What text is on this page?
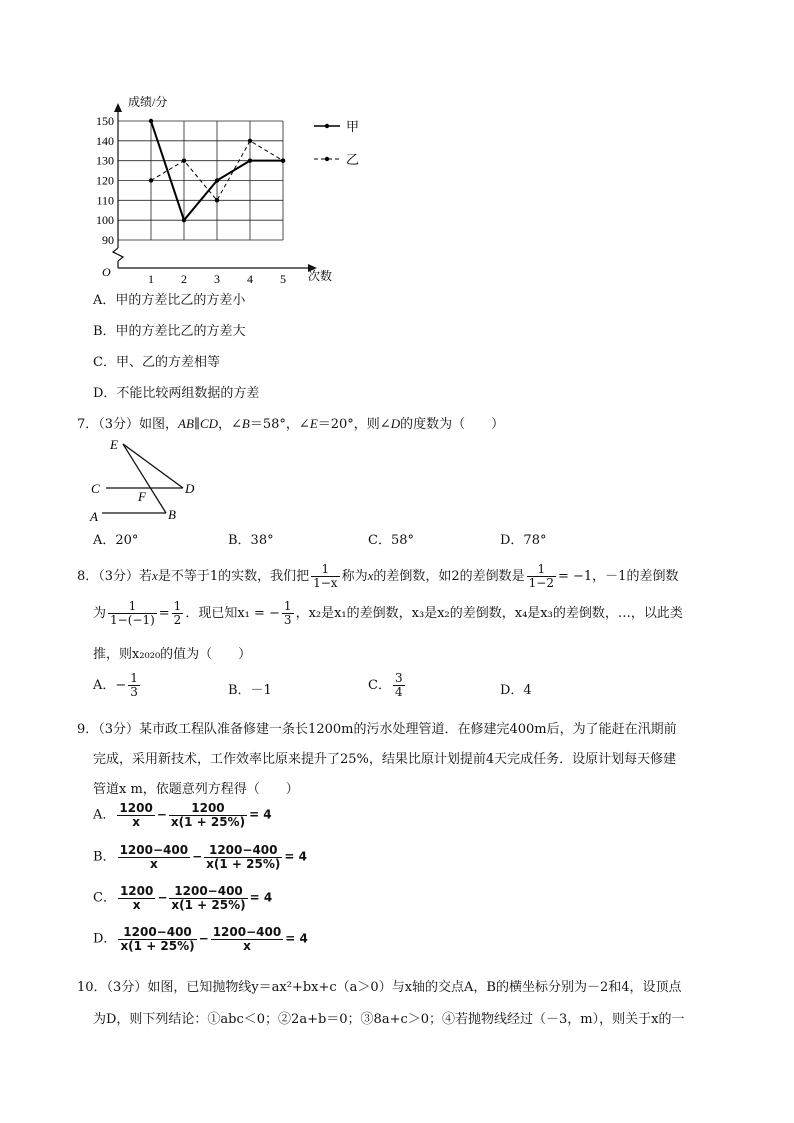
成绩/分
次数
O
90
100
110
120
130
140
150
1 2 3 4 5
甲
乙
A．甲的方差比乙的方差小
B．甲的方差比乙的方差大
C．甲、乙的方差相等
D．不能比较两组数据的方差
7．（3分）如图，AB∥CD，∠B＝58°，∠E＝20°，则∠D的度数为（　　）
E
C
F
D
A	B
A．20°	B．38°	C．58°	D．78°
8．（3分）若x是不等于1的实数，我们把 $\frac{1}{1-x}$ 称为x的差倒数，如2的差倒数是 $\frac{1}{1-2} = -1$，－1的差倒数
为 $\frac{1}{1-(-1)} = \frac{1}{2}$ ．现已知x₁ = − $\frac{1}{3}$ ，x₂是x₁的差倒数，x₃是x₂的差倒数，x₄是x₃的差倒数，…，以此类
推，则x₂₀₂₀的值为（　　）
A．− $\frac{1}{3}$	B．－1	C． $\frac{3}{4}$	D．4
9．（3分）某市政工程队准备修建一条长1200m的污水处理管道．在修建完400m后，为了能赶在汛期前
完成，采用新技术，工作效率比原来提升了25%，结果比原计划提前4天完成任务．设原计划每天修建
管道x m，依题意列方程得（　　）
A． $\frac{1200}{x} - \frac{1200}{x(1 + 25\%)} = 4$
B． $\frac{1200-400}{x} - \frac{1200-400}{x(1 + 25\%)} = 4$
C． $\frac{1200}{x} - \frac{1200-400}{x(1 + 25\%)} = 4$
D． $\frac{1200-400}{x(1 + 25\%)} - \frac{1200-400}{x} = 4$
10．（3分）如图，已知抛物线y＝ax²+bx+c（a＞0）与x轴的交点A，B的横坐标分别为－2和4，设顶点
为D，则下列结论：①abc＜0；②2a+b＝0；③8a+c＞0；④若抛物线经过（－3，m），则关于x的一
